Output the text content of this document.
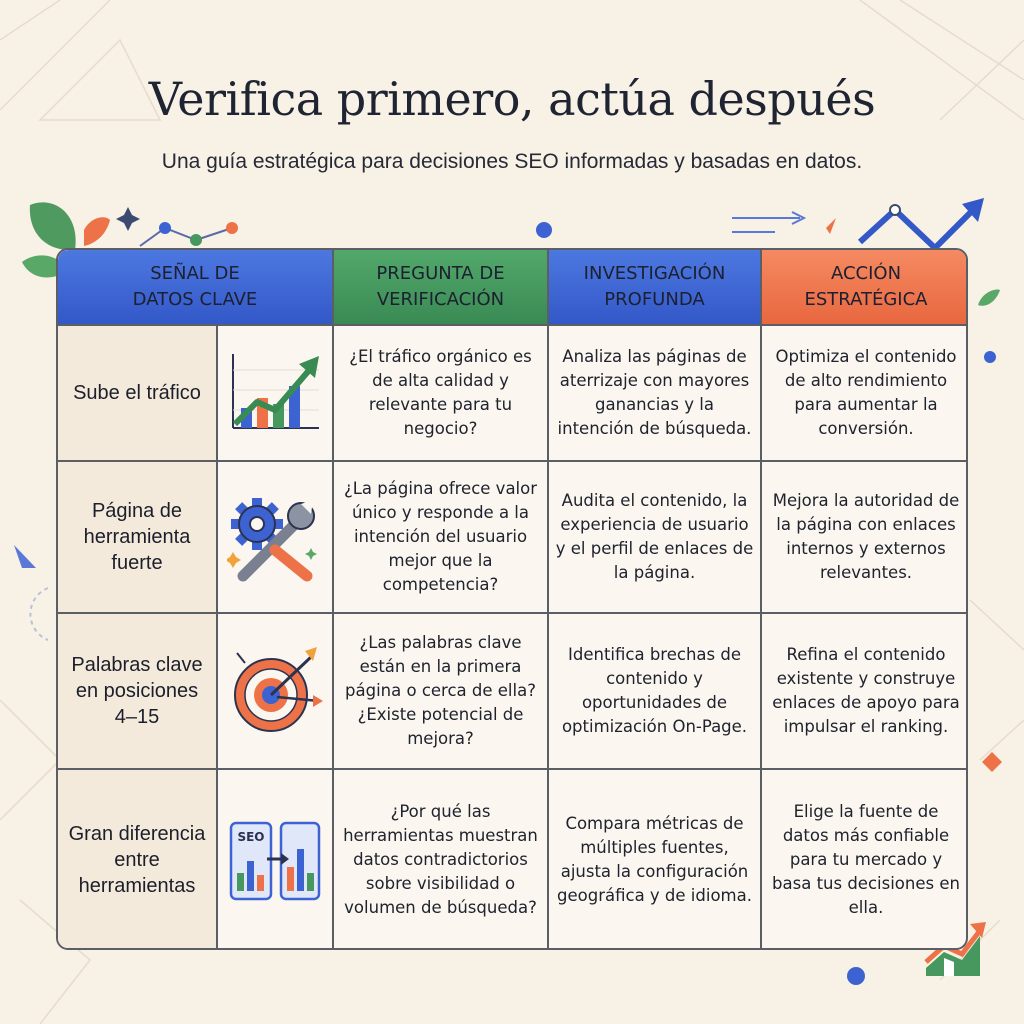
Verifica primero, actúa después
Una guía estratégica para decisiones SEO informadas y basadas en datos.
SEÑAL DE
DATOS CLAVE
PREGUNTA DE
VERIFICACIÓN
INVESTIGACIÓN
PROFUNDA
ACCIÓN
ESTRATÉGICA
Sube el tráfico
¿El tráfico orgánico es de alta calidad y relevante para tu negocio?
Analiza las páginas de aterrizaje con mayores ganancias y la intención de búsqueda.
Optimiza el contenido de alto rendimiento para aumentar la conversión.
Página de herramienta fuerte
¿La página ofrece valor único y responde a la intención del usuario mejor que la competencia?
Audita el contenido, la experiencia de usuario y el perfil de enlaces de la página.
Mejora la autoridad de la página con enlaces internos y externos relevantes.
Palabras clave en posiciones 4–15
¿Las palabras clave están en la primera página o cerca de ella? ¿Existe potencial de mejora?
Identifica brechas de contenido y oportunidades de optimización On-Page.
Refina el contenido existente y construye enlaces de apoyo para impulsar el ranking.
Gran diferencia entre herramientas
SEO
¿Por qué las herramientas muestran datos contradictorios sobre visibilidad o volumen de búsqueda?
Compara métricas de múltiples fuentes, ajusta la configuración geográfica y de idioma.
Elige la fuente de datos más confiable para tu mercado y basa tus decisiones en ella.
